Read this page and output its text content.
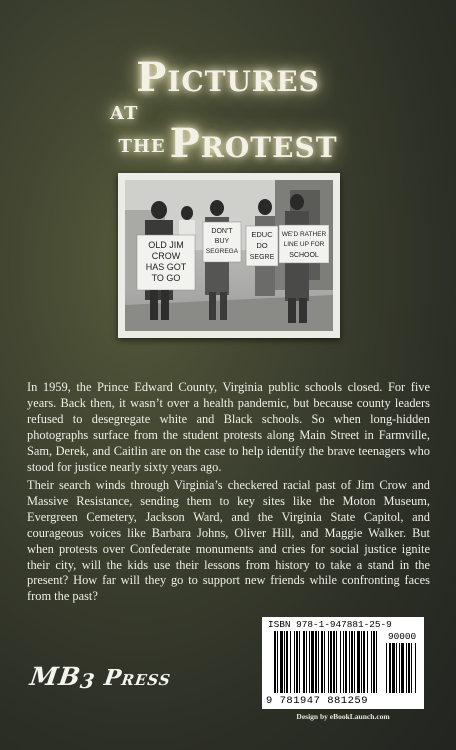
Pictures
AT
THE Protest
OLD JIM
CROW
HAS GOT
TO GO
DON'T
BUY
SEGREGA
EDUC
DO
SEGRE
WE'D RATHER
LINE UP FOR
SCHOOL

In 1959, the Prince Edward County, Virginia public schools closed. For five years. Back then, it wasn’t over a health pandemic, but because county leaders refused to desegregate white and Black schools. So when long-hidden photographs surface from the student protests along Main Street in Farmville, Sam, Derek, and Caitlin are on the case to help identify the brave teenagers who stood for justice nearly sixty years ago.

Their search winds through Virginia’s checkered racial past of Jim Crow and Massive Resistance, sending them to key sites like the Moton Museum, Evergreen Cemetery, Jackson Ward, and the Virginia State Capitol, and courageous voices like Barbara Johns, Oliver Hill, and Maggie Walker. But when protests over Confederate monuments and cries for social justice ignite their city, will the kids use their lessons from history to take a stand in the present? How far will they go to support new friends while confronting faces from the past?

MB3 Press
ISBN 978-1-947881-25-9
90000
9 781947 881259
Design by eBookLaunch.com
